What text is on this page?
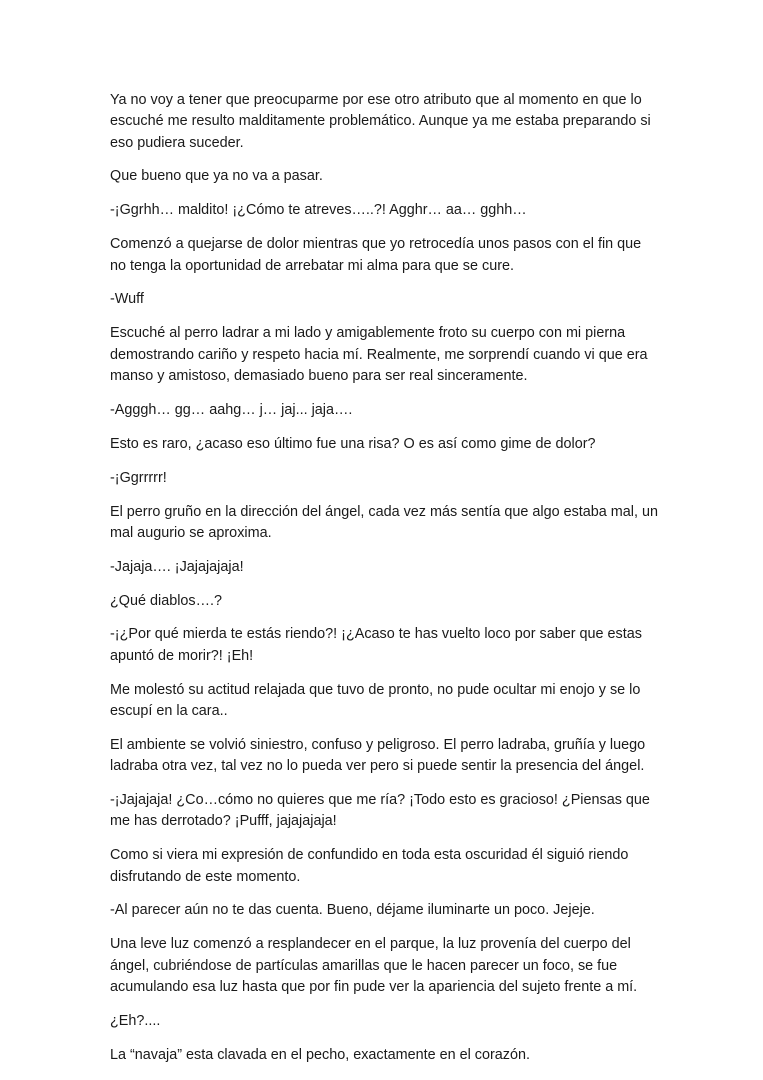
Ya no voy a tener que preocuparme por ese otro atributo que al momento en que lo escuché me resulto malditamente problemático. Aunque ya me estaba preparando si eso pudiera suceder.

Que bueno que ya no va a pasar.

-¡Ggrhh… maldito! ¡¿Cómo te atreves…..?! Agghr… aa… gghh…

Comenzó a quejarse de dolor mientras que yo retrocedía unos pasos con el fin que no tenga la oportunidad de arrebatar mi alma para que se cure.

-Wuff

Escuché al perro ladrar a mi lado y amigablemente froto su cuerpo con mi pierna demostrando cariño y respeto hacia mí. Realmente, me sorprendí cuando vi que era manso y amistoso, demasiado bueno para ser real sinceramente.

-Agggh… gg… aahg… j… jaj... jaja….

Esto es raro, ¿acaso eso último fue una risa? O es así como gime de dolor?

-¡Ggrrrrr!

El perro gruño en la dirección del ángel, cada vez más sentía que algo estaba mal, un mal augurio se aproxima.

-Jajaja…. ¡Jajajajaja!

¿Qué diablos….?

-¡¿Por qué mierda te estás riendo?! ¡¿Acaso te has vuelto loco por saber que estas apuntó de morir?! ¡Eh!

Me molestó su actitud relajada que tuvo de pronto, no pude ocultar mi enojo y se lo escupí en la cara..

El ambiente se volvió siniestro, confuso y peligroso. El perro ladraba, gruñía y luego ladraba otra vez, tal vez no lo pueda ver pero si puede sentir la presencia del ángel.

-¡Jajajaja! ¿Co…cómo no quieres que me ría? ¡Todo esto es gracioso! ¿Piensas que me has derrotado? ¡Pufff, jajajajaja!

Como si viera mi expresión de confundido en toda esta oscuridad él siguió riendo disfrutando de este momento.

-Al parecer aún no te das cuenta. Bueno, déjame iluminarte un poco. Jejeje.

Una leve luz comenzó a resplandecer en el parque, la luz provenía del cuerpo del ángel, cubriéndose de partículas amarillas que le hacen parecer un foco, se fue acumulando esa luz hasta que por fin pude ver la apariencia del sujeto frente a mí.

¿Eh?....

La “navaja” esta clavada en el pecho, exactamente en el corazón.
